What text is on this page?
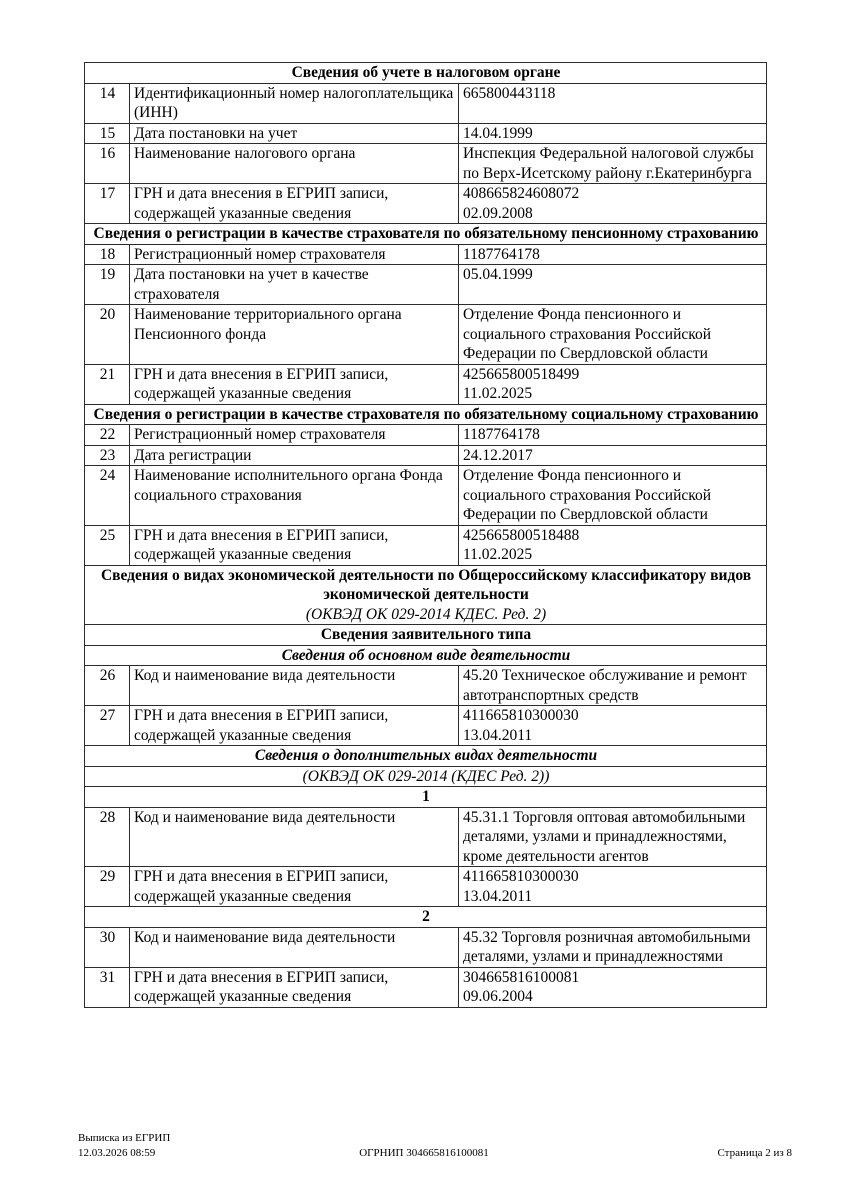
Сведения об учете в налоговом органе		
14	Идентификационный номер налогоплательщика (ИНН)	665800443118

15	Дата постановки на учет	14.04.1999

16	Наименование налогового органа	Инспекция Федеральной налоговой службы по Верх-Исетскому району г.Екатеринбурга

17	ГРН и дата внесения в ЕГРИП записи, содержащей указанные сведения	408665824608072
02.09.2008

Сведения о регистрации в качестве страхователя по обязательному пенсионному страхованию		
18	Регистрационный номер страхователя	1187764178

19	Дата постановки на учет в качестве страхователя	05.04.1999

20	Наименование территориального органа Пенсионного фонда	Отделение Фонда пенсионного и социального страхования Российской Федерации по Свердловской области

21	ГРН и дата внесения в ЕГРИП записи, содержащей указанные сведения	425665800518499
11.02.2025

Сведения о регистрации в качестве страхователя по обязательному социальному страхованию		
22	Регистрационный номер страхователя	1187764178

23	Дата регистрации	24.12.2017

24	Наименование исполнительного органа Фонда социального страхования	Отделение Фонда пенсионного и социального страхования Российской Федерации по Свердловской области

25	ГРН и дата внесения в ЕГРИП записи, содержащей указанные сведения	425665800518488
11.02.2025

Сведения о видах экономической деятельности по Общероссийскому классификатору видов экономической деятельности
(ОКВЭД ОК 029-2014 КДЕС. Ред. 2)		

Сведения заявительного типа		
Сведения об основном виде деятельности		
26	Код и наименование вида деятельности	45.20 Техническое обслуживание и ремонт автотранспортных средств

27	ГРН и дата внесения в ЕГРИП записи, содержащей указанные сведения	411665810300030
13.04.2011

Сведения о дополнительных видах деятельности		
(ОКВЭД ОК 029-2014 (КДЕС Ред. 2))		
1		
28	Код и наименование вида деятельности	45.31.1 Торговля оптовая автомобильными деталями, узлами и принадлежностями, кроме деятельности агентов

29	ГРН и дата внесения в ЕГРИП записи, содержащей указанные сведения	411665810300030
13.04.2011

2		
30	Код и наименование вида деятельности	45.32 Торговля розничная автомобильными деталями, узлами и принадлежностями

31	ГРН и дата внесения в ЕГРИП записи, содержащей указанные сведения	304665816100081
09.06.2004
Выписка из ЕГРИП
12.03.2026 08:59	ОГРНИП 304665816100081	Страница 2 из 8
